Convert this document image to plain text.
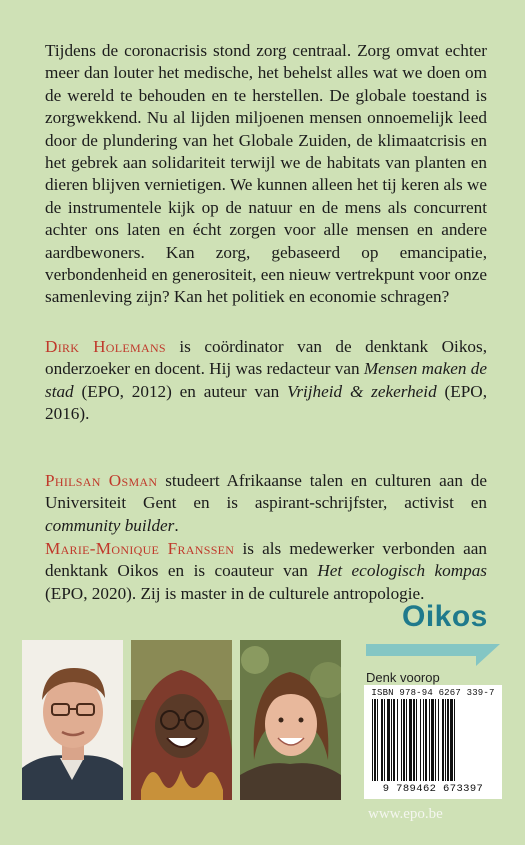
Tijdens de coronacrisis stond zorg centraal. Zorg omvat echter meer dan louter het medische, het behelst alles wat we doen om de wereld te behouden en te herstellen. De globale toestand is zorgwekkend. Nu al lijden miljoenen mensen onnoemelijk leed door de plundering van het Globale Zuiden, de klimaatcrisis en het gebrek aan solidariteit terwijl we de habitats van planten en dieren blijven vernietigen. We kunnen alleen het tij keren als we de instrumentele kijk op de natuur en de mens als concurrent achter ons laten en écht zorgen voor alle mensen en andere aardbewoners. Kan zorg, gebaseerd op emancipatie, verbondenheid en generositeit, een nieuw vertrekpunt voor onze samenleving zijn? Kan het politiek en economie schragen?

Dirk Holemans is coördinator van de denktank Oikos, onderzoeker en docent. Hij was redacteur van Mensen maken de stad (EPO, 2012) en auteur van Vrijheid & zekerheid (EPO, 2016).

Philsan Osman studeert Afrikaanse talen en culturen aan de Universiteit Gent en is aspirant-schrijfster, activist en community builder.

Marie-Monique Franssen is als medewerker verbonden aan denktank Oikos en is coauteur van Het ecologisch kompas (EPO, 2020). Zij is master in de culturele antropologie.

Oikos
Denk voorop
ISBN 978-94 6267 339-7
9 789462 673397
www.epo.be
